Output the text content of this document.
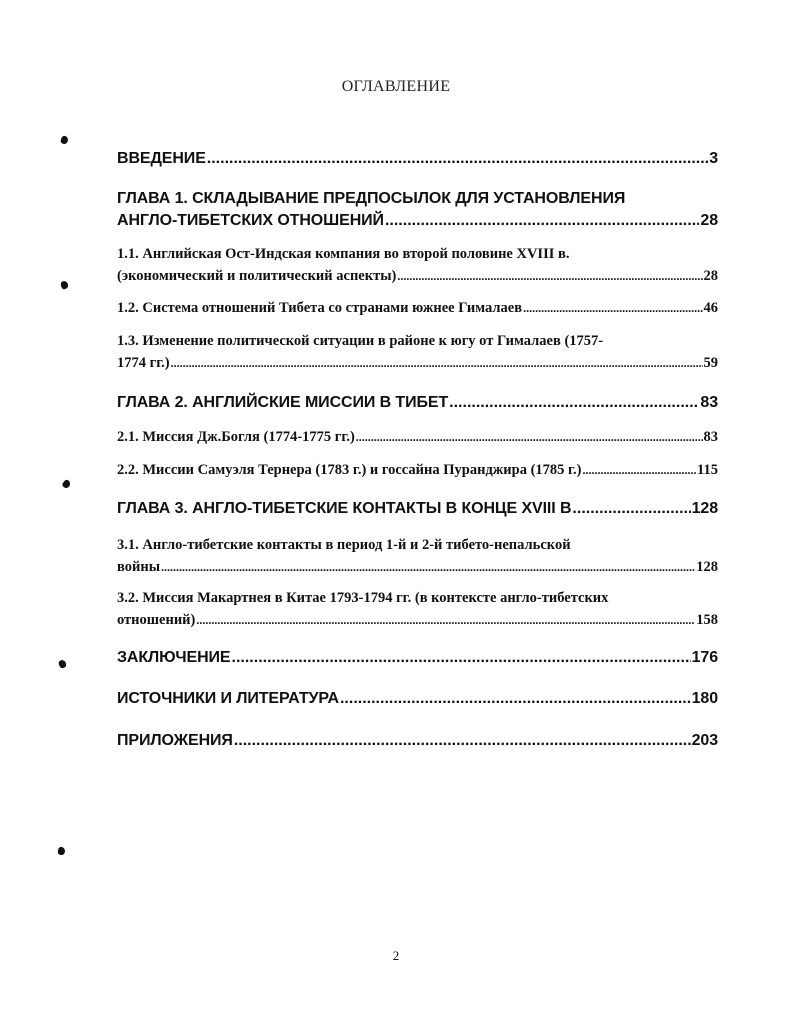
ОГЛАВЛЕНИЕ
ВВЕДЕНИЕ .....	3
ГЛАВА 1. СКЛАДЫВАНИЕ ПРЕДПОСЫЛОК ДЛЯ УСТАНОВЛЕНИЯ
АНГЛО-ТИБЕТСКИХ ОТНОШЕНИЙ .....	28
1.1. Английская Ост-Индская компания во второй половине XVIII в.
(экономический и политический аспекты) .....	28
1.2. Система отношений Тибета со странами южнее Гималаев .....	46
1.3. Изменение политической ситуации в районе к югу от Гималаев (1757-
1774 гг.) .....	59
ГЛАВА 2. АНГЛИЙСКИЕ МИССИИ В ТИБЕТ .....	83
2.1. Миссия Дж.Богля (1774-1775 гг.) .....	83
2.2. Миссии Самуэля Тернера (1783 г.) и госсайна Пуранджира (1785 г.) .....	115
ГЛАВА 3. АНГЛО-ТИБЕТСКИЕ КОНТАКТЫ В КОНЦЕ XVIII В .....	128
3.1. Англо-тибетские контакты в период 1-й и 2-й тибето-непальской
войны .....	128
3.2. Миссия Макартнея в Китае 1793-1794 гг. (в контексте англо-тибетских
отношений) .....	158
ЗАКЛЮЧЕНИЕ .....	176
ИСТОЧНИКИ И ЛИТЕРАТУРА .....	180
ПРИЛОЖЕНИЯ .....	203
2
